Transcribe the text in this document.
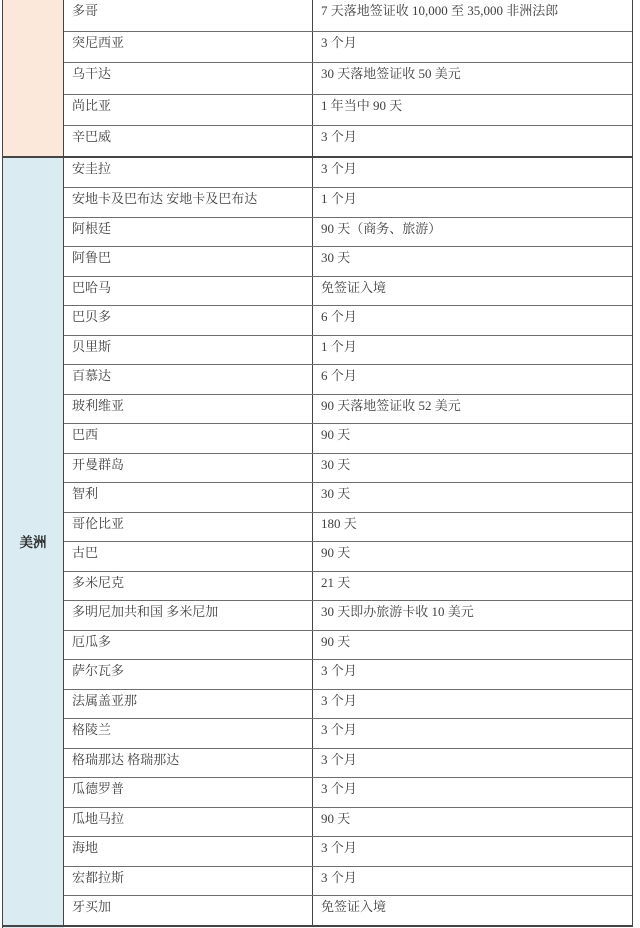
多哥	7 天落地签证收 10,000 至 35,000 非洲法郎
突尼西亚	3 个月
乌干达	30 天落地签证收 50 美元
尚比亚	1 年当中 90 天
辛巴威	3 个月
美洲
安圭拉	3 个月
安地卡及巴布达 安地卡及巴布达	1 个月
阿根廷	90 天（商务、旅游）
阿鲁巴	30 天
巴哈马	免签证入境
巴贝多	6 个月
贝里斯	1 个月
百慕达	6 个月
玻利维亚	90 天落地签证收 52 美元
巴西	90 天
开曼群岛	30 天
智利	30 天
哥伦比亚	180 天
古巴	90 天
多米尼克	21 天
多明尼加共和国 多米尼加	30 天即办旅游卡收 10 美元
厄瓜多	90 天
萨尔瓦多	3 个月
法属盖亚那	3 个月
格陵兰	3 个月
格瑞那达 格瑞那达	3 个月
瓜德罗普	3 个月
瓜地马拉	90 天
海地	3 个月
宏都拉斯	3 个月
牙买加	免签证入境
